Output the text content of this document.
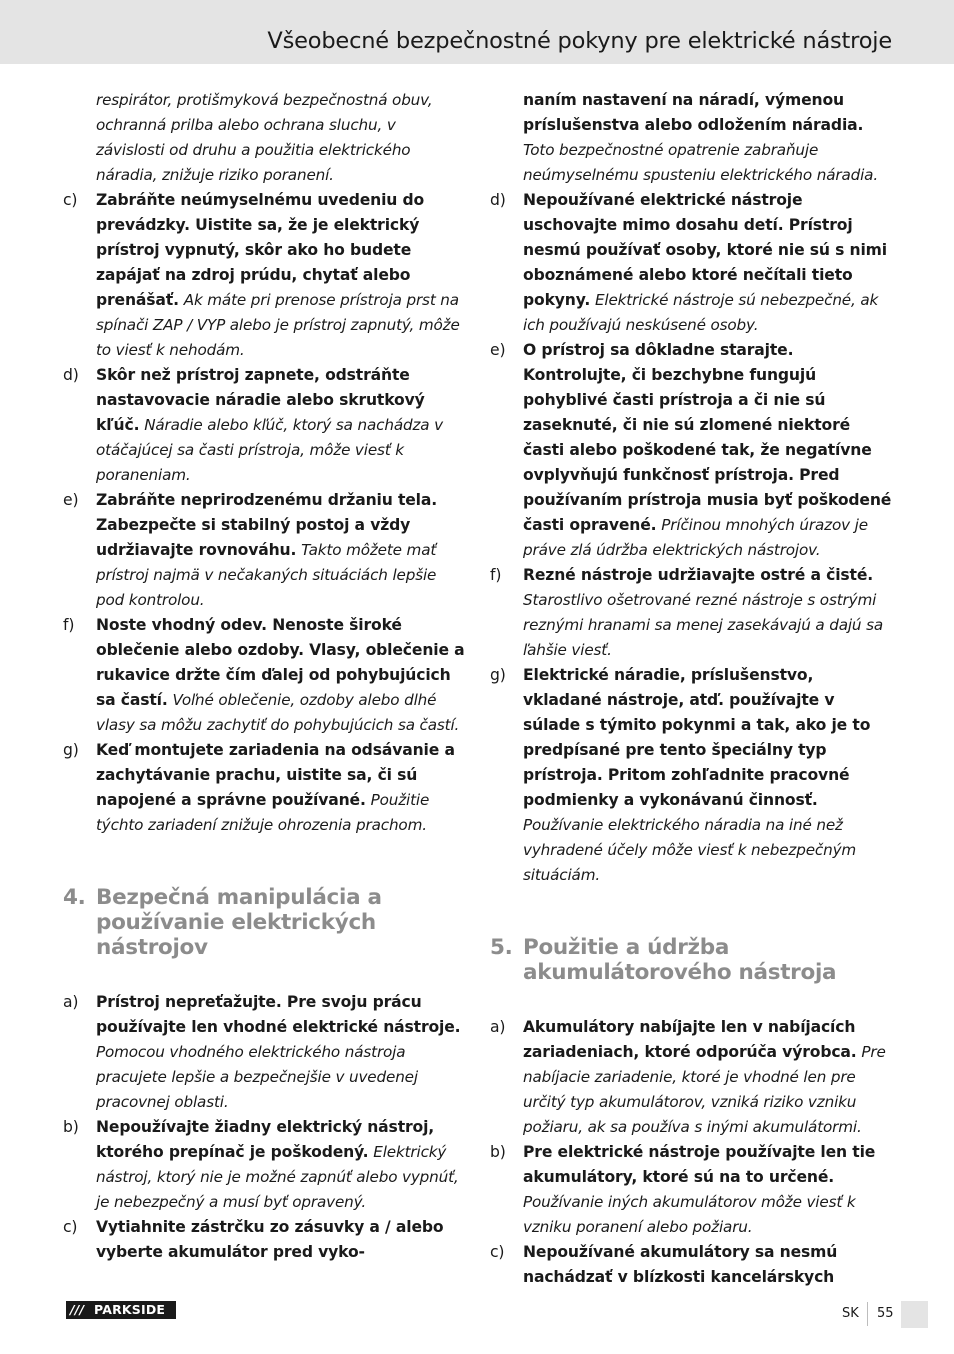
Všeobecné bezpečnostné pokyny pre elektrické nástroje
respirátor, protišmyková bezpečnostná obuv, ochranná prilba alebo ochrana sluchu, v závislosti od druhu a použitia elektrického náradia, znižuje riziko poranení.
c) Zabráňte neúmyselnému uvedeniu do prevádzky. Uistite sa, že je elektrický prístroj vypnutý, skôr ako ho budete zapájať na zdroj prúdu, chytať alebo prenášať. Ak máte pri prenose prístroja prst na spínači ZAP / VYP alebo je prístroj zapnutý, môže to viesť k nehodám.
d) Skôr než prístroj zapnete, odstráňte nastavovacie náradie alebo skrutkový kľúč. Náradie alebo kľúč, ktorý sa nachádza v otáčajúcej sa časti prístroja, môže viesť k poraneniam.
e) Zabráňte neprirodzenému držaniu tela. Zabezpečte si stabilný postoj a vždy udržiavajte rovnováhu. Takto môžete mať prístroj najmä v nečakaných situáciách lepšie pod kontrolou.
f) Noste vhodný odev. Nenoste široké oblečenie alebo ozdoby. Vlasy, oblečenie a rukavice držte čím ďalej od pohybujúcich sa častí. Voľné oblečenie, ozdoby alebo dlhé vlasy sa môžu zachytiť do pohybujúcich sa častí.
g) Keď montujete zariadenia na odsávanie a zachytávanie prachu, uistite sa, či sú napojené a správne používané. Použitie týchto zariadení znižuje ohrozenia prachom.
4. Bezpečná manipulácia a používanie elektrických nástrojov
a) Prístroj nepreťažujte. Pre svoju prácu používajte len vhodné elektrické nástroje. Pomocou vhodného elektrického nástroja pracujete lepšie a bezpečnejšie v uvedenej pracovnej oblasti.
b) Nepoužívajte žiadny elektrický nástroj, ktorého prepínač je poškodený. Elektrický nástroj, ktorý nie je možné zapnúť alebo vypnúť, je nebezpečný a musí byť opravený.
c) Vytiahnite zástrčku zo zásuvky a / alebo vyberte akumulátor pred vyko-
naním nastavení na náradí, výmenou príslušenstva alebo odložením náradia. Toto bezpečnostné opatrenie zabraňuje neúmyselnému spusteniu elektrického náradia.
d) Nepoužívané elektrické nástroje uschovajte mimo dosahu detí. Prístroj nesmú používať osoby, ktoré nie sú s nimi oboznámené alebo ktoré nečítali tieto pokyny. Elektrické nástroje sú nebezpečné, ak ich používajú neskúsené osoby.
e) O prístroj sa dôkladne starajte. Kontrolujte, či bezchybne fungujú pohyblivé časti prístroja a či nie sú zaseknuté, či nie sú zlomené niektoré časti alebo poškodené tak, že negatívne ovplyvňujú funkčnosť prístroja. Pred používaním prístroja musia byť poškodené časti opravené. Príčinou mnohých úrazov je práve zlá údržba elektrických nástrojov.
f) Rezné nástroje udržiavajte ostré a čisté. Starostlivo ošetrované rezné nástroje s ostrými reznými hranami sa menej zasekávajú a dajú sa ľahšie viesť.
g) Elektrické náradie, príslušenstvo, vkladané nástroje, atď. používajte v súlade s týmito pokynmi a tak, ako je to predpísané pre tento špeciálny typ prístroja. Pritom zohľadnite pracovné podmienky a vykonávanú činnosť. Používanie elektrického náradia na iné než vyhradené účely môže viesť k nebezpečným situáciám.
5. Použitie a údržba akumulátorového nástroja
a) Akumulátory nabíjajte len v nabíjacích zariadeniach, ktoré odporúča výrobca. Pre nabíjacie zariadenie, ktoré je vhodné len pre určitý typ akumulátorov, vzniká riziko vzniku požiaru, ak sa používa s inými akumulátormi.
b) Pre elektrické nástroje používajte len tie akumulátory, ktoré sú na to určené. Používanie iných akumulátorov môže viesť k vzniku poranení alebo požiaru.
c) Nepoužívané akumulátory sa nesmú nachádzať v blízkosti kancelárskych
/// PARKSIDE	SK 55
